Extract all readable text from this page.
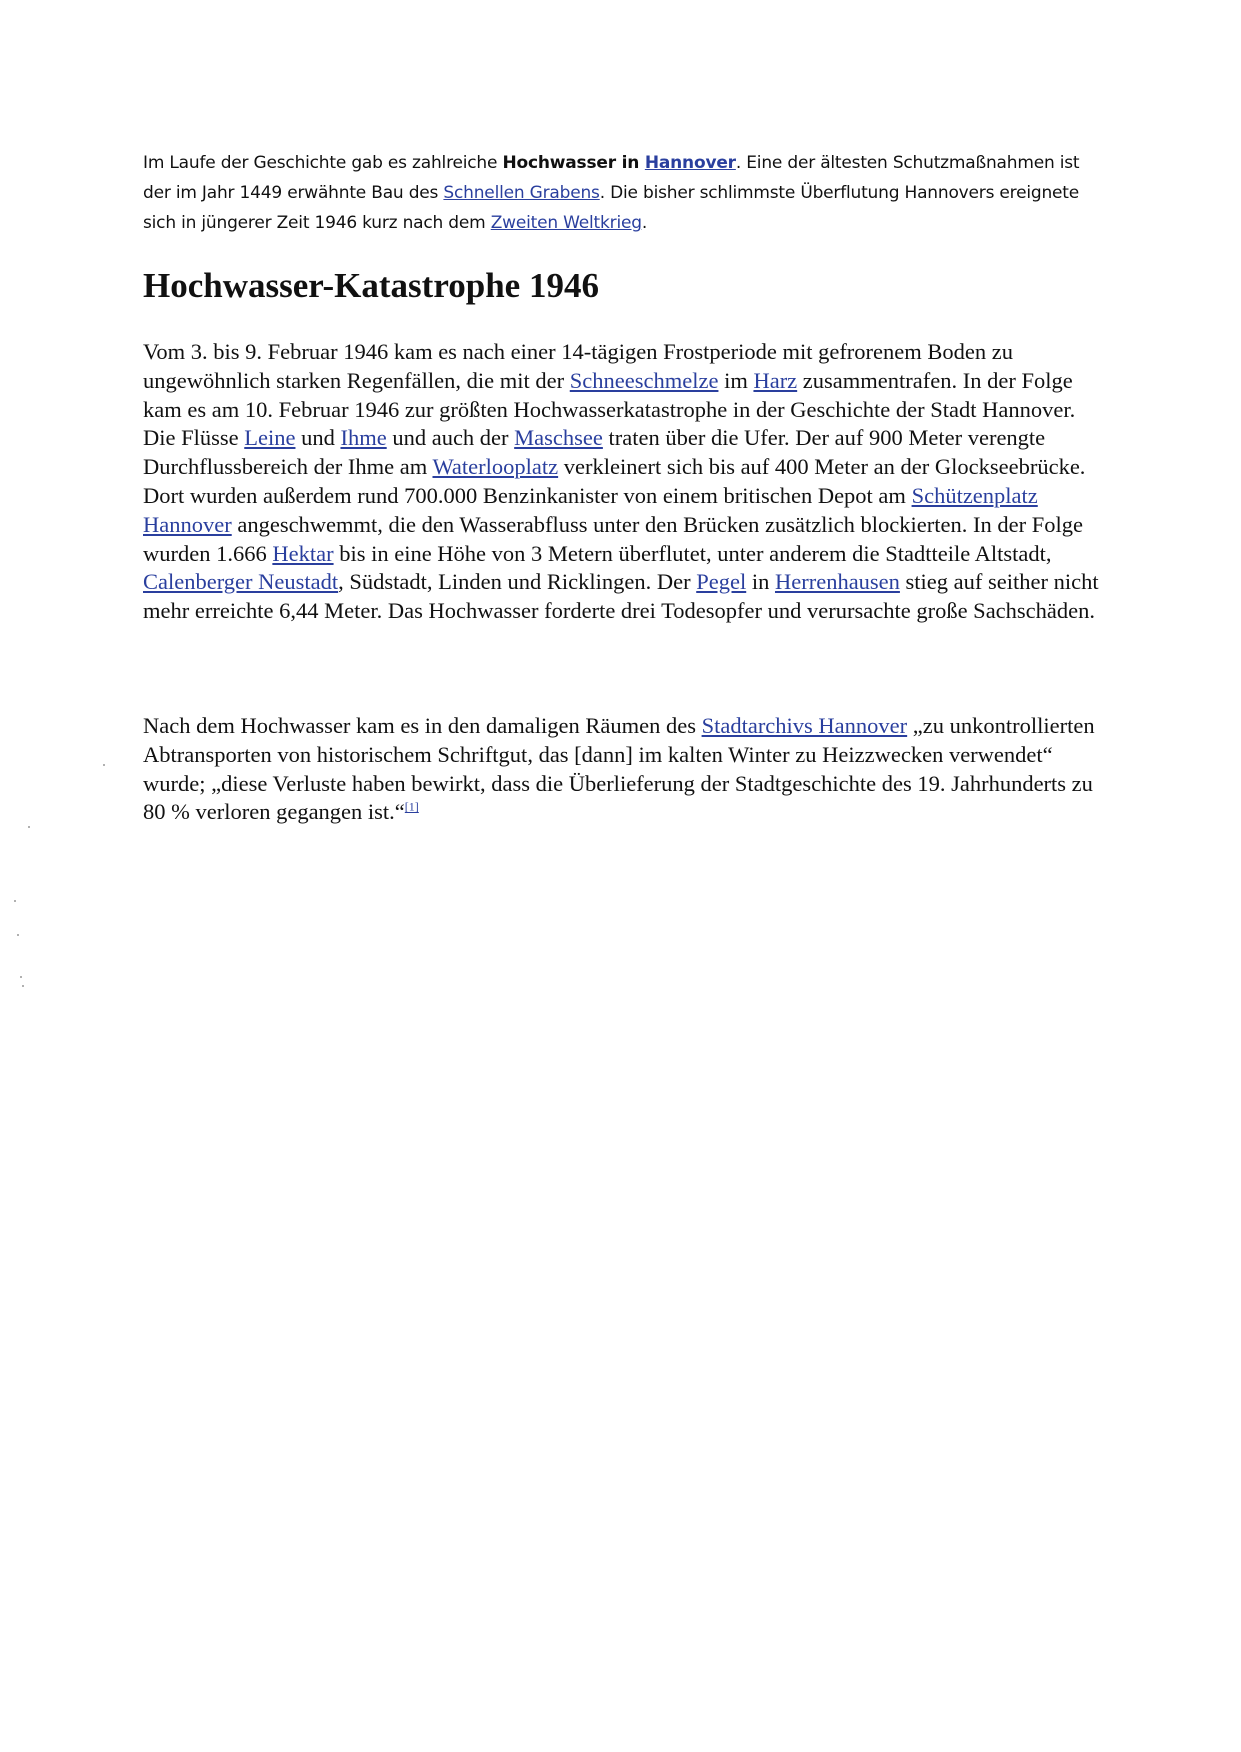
Im Laufe der Geschichte gab es zahlreiche Hochwasser in Hannover. Eine der ältesten Schutzmaßnahmen ist der im Jahr 1449 erwähnte Bau des Schnellen Grabens. Die bisher schlimmste Überflutung Hannovers ereignete sich in jüngerer Zeit 1946 kurz nach dem Zweiten Weltkrieg.

Hochwasser-Katastrophe 1946

Vom 3. bis 9. Februar 1946 kam es nach einer 14-tägigen Frostperiode mit gefrorenem Boden zu ungewöhnlich starken Regenfällen, die mit der Schneeschmelze im Harz zusammentrafen. In der Folge kam es am 10. Februar 1946 zur größten Hochwasserkatastrophe in der Geschichte der Stadt Hannover. Die Flüsse Leine und Ihme und auch der Maschsee traten über die Ufer. Der auf 900 Meter verengte Durchflussbereich der Ihme am Waterlooplatz verkleinert sich bis auf 400 Meter an der Glockseebrücke. Dort wurden außerdem rund 700.000 Benzinkanister von einem britischen Depot am Schützenplatz Hannover angeschwemmt, die den Wasserabfluss unter den Brücken zusätzlich blockierten. In der Folge wurden 1.666 Hektar bis in eine Höhe von 3 Metern überflutet, unter anderem die Stadtteile Altstadt, Calenberger Neustadt, Südstadt, Linden und Ricklingen. Der Pegel in Herrenhausen stieg auf seither nicht mehr erreichte 6,44 Meter. Das Hochwasser forderte drei Todesopfer und verursachte große Sachschäden.

Nach dem Hochwasser kam es in den damaligen Räumen des Stadtarchivs Hannover „zu unkontrollierten Abtransporten von historischem Schriftgut, das [dann] im kalten Winter zu Heizzwecken verwendet“ wurde; „diese Verluste haben bewirkt, dass die Überlieferung der Stadtgeschichte des 19. Jahrhunderts zu 80 % verloren gegangen ist.“[1]
